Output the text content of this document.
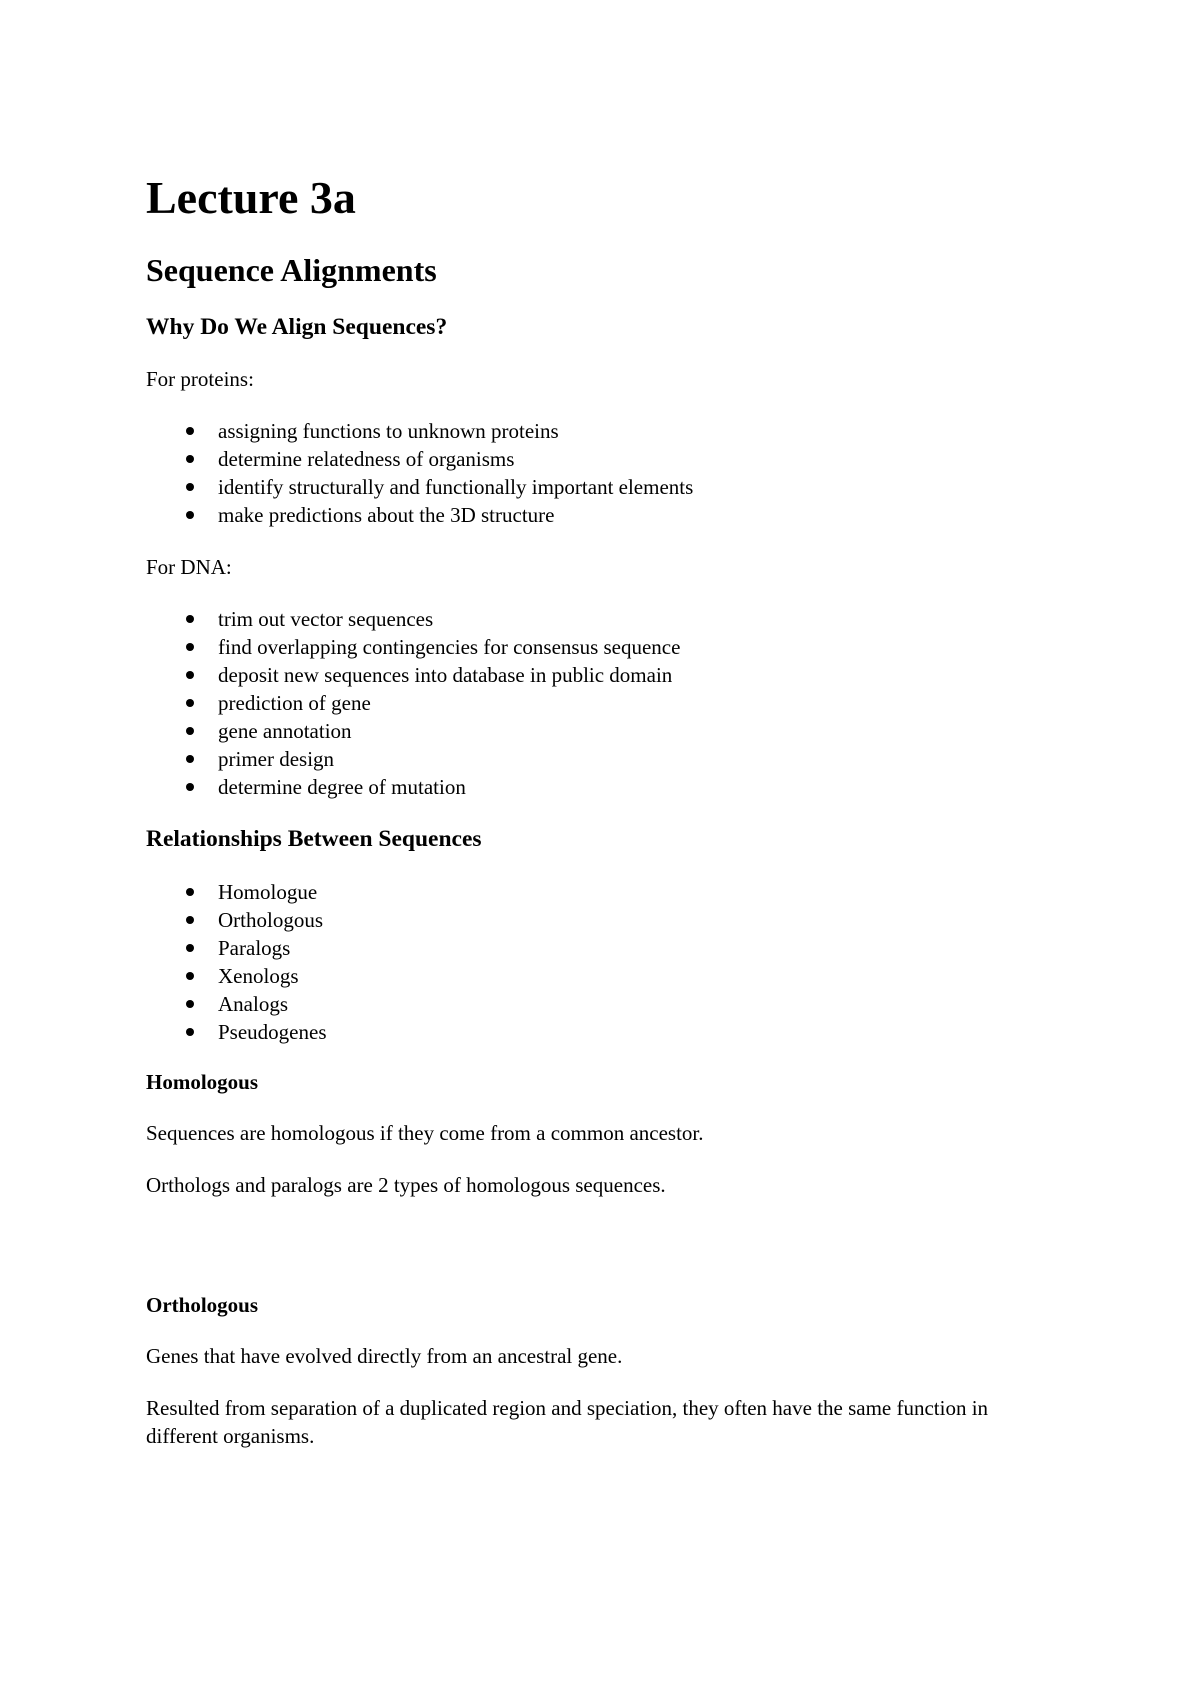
Lecture 3a
Sequence Alignments
Why Do We Align Sequences?

For proteins:

assigning functions to unknown proteins
determine relatedness of organisms
identify structurally and functionally important elements
make predictions about the 3D structure

For DNA:

trim out vector sequences
find overlapping contingencies for consensus sequence
deposit new sequences into database in public domain
prediction of gene
gene annotation
primer design
determine degree of mutation
Relationships Between Sequences
Homologue
Orthologous
Paralogs
Xenologs
Analogs
Pseudogenes
Homologous

Sequences are homologous if they come from a common ancestor.

Orthologs and paralogs are 2 types of homologous sequences.

Orthologous

Genes that have evolved directly from an ancestral gene.

Resulted from separation of a duplicated region and speciation, they often have the same function in different organisms.
